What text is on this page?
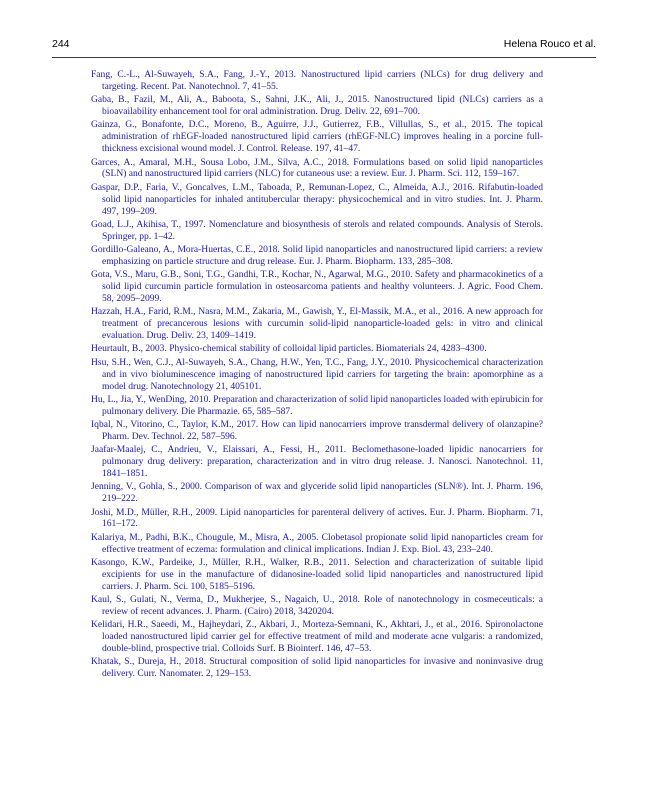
244	Helena Rouco et al.
Fang, C.-L., Al-Suwayeh, S.A., Fang, J.-Y., 2013. Nanostructured lipid carriers (NLCs) for drug delivery and targeting. Recent. Pat. Nanotechnol. 7, 41–55.
Gaba, B., Fazil, M., Ali, A., Baboota, S., Sahni, J.K., Ali, J., 2015. Nanostructured lipid (NLCs) carriers as a bioavailability enhancement tool for oral administration. Drug. Deliv. 22, 691–700.
Gainza, G., Bonafonte, D.C., Moreno, B., Aguirre, J.J., Gutierrez, F.B., Villullas, S., et al., 2015. The topical administration of rhEGF-loaded nanostructured lipid carriers (rhEGF-NLC) improves healing in a porcine full-thickness excisional wound model. J. Control. Release. 197, 41–47.
Garces, A., Amaral, M.H., Sousa Lobo, J.M., Silva, A.C., 2018. Formulations based on solid lipid nanoparticles (SLN) and nanostructured lipid carriers (NLC) for cutaneous use: a review. Eur. J. Pharm. Sci. 112, 159–167.
Gaspar, D.P., Faria, V., Goncalves, L.M., Taboada, P., Remunan-Lopez, C., Almeida, A.J., 2016. Rifabutin-loaded solid lipid nanoparticles for inhaled antitubercular therapy: physicochemical and in vitro studies. Int. J. Pharm. 497, 199–209.
Goad, L.J., Akihisa, T., 1997. Nomenclature and biosynthesis of sterols and related compounds. Analysis of Sterols. Springer, pp. 1–42.
Gordillo-Galeano, A., Mora-Huertas, C.E., 2018. Solid lipid nanoparticles and nanostructured lipid carriers: a review emphasizing on particle structure and drug release. Eur. J. Pharm. Biopharm. 133, 285–308.
Gota, V.S., Maru, G.B., Soni, T.G., Gandhi, T.R., Kochar, N., Agarwal, M.G., 2010. Safety and pharmacokinetics of a solid lipid curcumin particle formulation in osteosarcoma patients and healthy volunteers. J. Agric. Food Chem. 58, 2095–2099.
Hazzah, H.A., Farid, R.M., Nasra, M.M., Zakaria, M., Gawish, Y., El-Massik, M.A., et al., 2016. A new approach for treatment of precancerous lesions with curcumin solid-lipid nanoparticle-loaded gels: in vitro and clinical evaluation. Drug. Deliv. 23, 1409–1419.
Heurtault, B., 2003. Physico-chemical stability of colloidal lipid particles. Biomaterials 24, 4283–4300.
Hsu, S.H., Wen, C.J., Al-Suwayeh, S.A., Chang, H.W., Yen, T.C., Fang, J.Y., 2010. Physicochemical characterization and in vivo bioluminescence imaging of nanostructured lipid carriers for targeting the brain: apomorphine as a model drug. Nanotechnology 21, 405101.
Hu, L., Jia, Y., WenDing, 2010. Preparation and characterization of solid lipid nanoparticles loaded with epirubicin for pulmonary delivery. Die Pharmazie. 65, 585–587.
Iqbal, N., Vitorino, C., Taylor, K.M., 2017. How can lipid nanocarriers improve transdermal delivery of olanzapine? Pharm. Dev. Technol. 22, 587–596.
Jaafar-Maalej, C., Andrieu, V., Elaissari, A., Fessi, H., 2011. Beclomethasone-loaded lipidic nanocarriers for pulmonary drug delivery: preparation, characterization and in vitro drug release. J. Nanosci. Nanotechnol. 11, 1841–1851.
Jenning, V., Gohla, S., 2000. Comparison of wax and glyceride solid lipid nanoparticles (SLN®). Int. J. Pharm. 196, 219–222.
Joshi, M.D., Müller, R.H., 2009. Lipid nanoparticles for parenteral delivery of actives. Eur. J. Pharm. Biopharm. 71, 161–172.
Kalariya, M., Padhi, B.K., Chougule, M., Misra, A., 2005. Clobetasol propionate solid lipid nanoparticles cream for effective treatment of eczema: formulation and clinical implications. Indian J. Exp. Biol. 43, 233–240.
Kasongo, K.W., Pardeike, J., Müller, R.H., Walker, R.B., 2011. Selection and characterization of suitable lipid excipients for use in the manufacture of didanosine-loaded solid lipid nanoparticles and nanostructured lipid carriers. J. Pharm. Sci. 100, 5185–5196.
Kaul, S., Gulati, N., Verma, D., Mukherjee, S., Nagaich, U., 2018. Role of nanotechnology in cosmeceuticals: a review of recent advances. J. Pharm. (Cairo) 2018, 3420204.
Kelidari, H.R., Saeedi, M., Hajheydari, Z., Akbari, J., Morteza-Semnani, K., Akhtari, J., et al., 2016. Spironolactone loaded nanostructured lipid carrier gel for effective treatment of mild and moderate acne vulgaris: a randomized, double-blind, prospective trial. Colloids Surf. B Biointerf. 146, 47–53.
Khatak, S., Dureja, H., 2018. Structural composition of solid lipid nanoparticles for invasive and noninvasive drug delivery. Curr. Nanomater. 2, 129–153.
